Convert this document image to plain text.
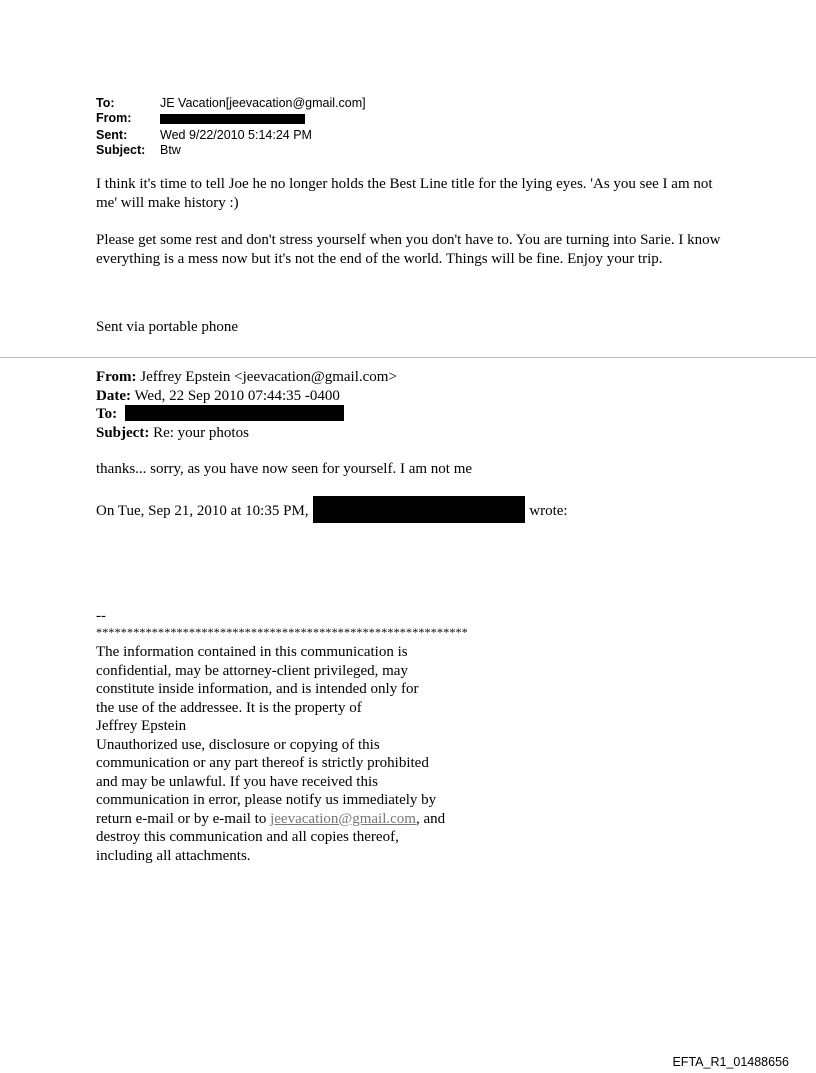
To:	JE Vacation[jeevacation@gmail.com]
From:
Sent:	Wed 9/22/2010 5:14:24 PM
Subject:	Btw
I think it's time to tell Joe he no longer holds the Best Line title for the lying eyes. 'As you see I am not me' will make history :)
Please get some rest and don't stress yourself when you don't have to. You are turning into Sarie. I know everything is a mess now but it's not the end of the world. Things will be fine. Enjoy your trip.
Sent via portable phone
From: Jeffrey Epstein <jeevacation@gmail.com>
Date: Wed, 22 Sep 2010 07:44:35 -0400
To:
Subject: Re: your photos
thanks... sorry, as you have now seen for yourself. I am not me
On Tue, Sep 21, 2010 at 10:35 PM,	wrote:
--
************************************************************
The information contained in this communication is
confidential, may be attorney-client privileged, may
constitute inside information, and is intended only for
the use of the addressee. It is the property of
Jeffrey Epstein
Unauthorized use, disclosure or copying of this
communication or any part thereof is strictly prohibited
and may be unlawful. If you have received this
communication in error, please notify us immediately by
return e-mail or by e-mail to jeevacation@gmail.com, and
destroy this communication and all copies thereof,
including all attachments.
EFTA_R1_01488656
